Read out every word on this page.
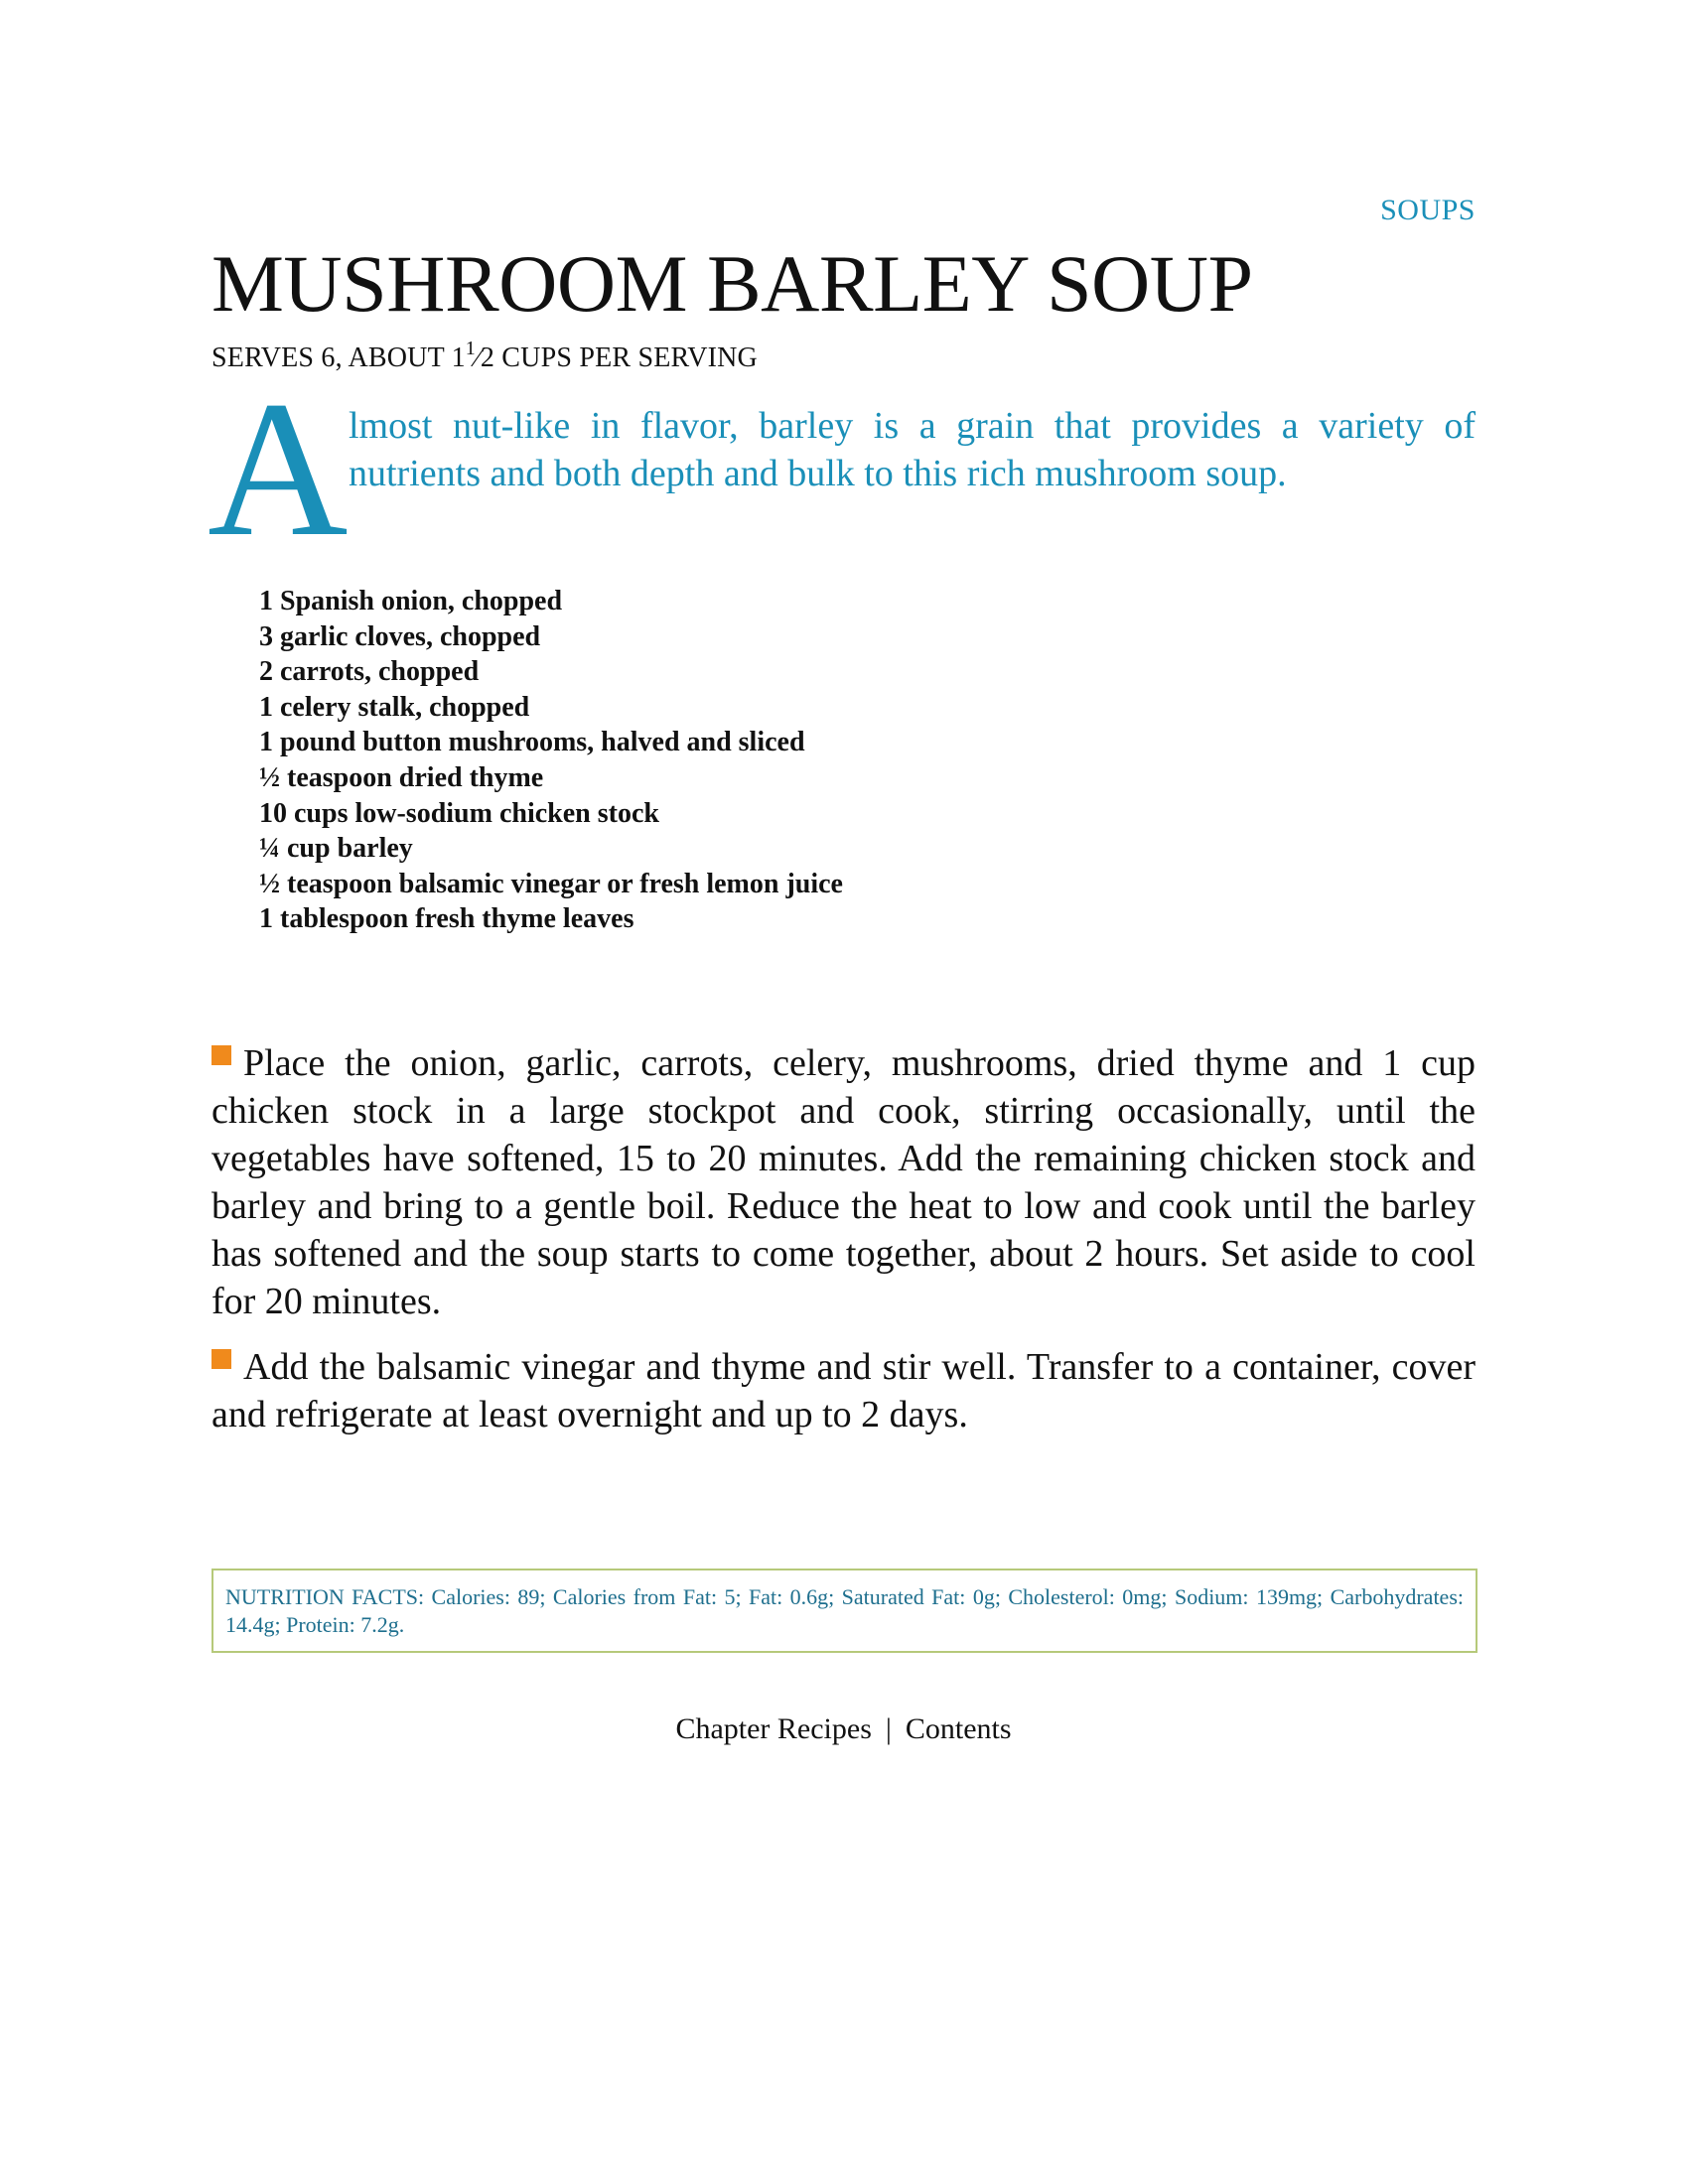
SOUPS
MUSHROOM BARLEY SOUP
SERVES 6, ABOUT $1^1⁄2$ CUPS PER SERVING
A lmost nut-like in flavor, barley is a grain that provides a variety of nutrients and both depth and bulk to this rich mushroom soup.
1 Spanish onion, chopped
3 garlic cloves, chopped
2 carrots, chopped
1 celery stalk, chopped
1 pound button mushrooms, halved and sliced
½ teaspoon dried thyme
10 cups low-sodium chicken stock
¼ cup barley
½ teaspoon balsamic vinegar or fresh lemon juice
1 tablespoon fresh thyme leaves

Place the onion, garlic, carrots, celery, mushrooms, dried thyme and 1 cup chicken stock in a large stockpot and cook, stirring occasionally, until the vegetables have softened, 15 to 20 minutes. Add the remaining chicken stock and barley and bring to a gentle boil. Reduce the heat to low and cook until the barley has softened and the soup starts to come together, about 2 hours. Set aside to cool for 20 minutes.

Add the balsamic vinegar and thyme and stir well. Transfer to a container, cover and refrigerate at least overnight and up to 2 days.

NUTRITION FACTS: Calories: 89; Calories from Fat: 5; Fat: 0.6g; Saturated Fat: 0g; Cholesterol: 0mg; Sodium: 139mg; Carbohydrates: 14.4g; Protein: 7.2g.
Chapter Recipes | Contents
